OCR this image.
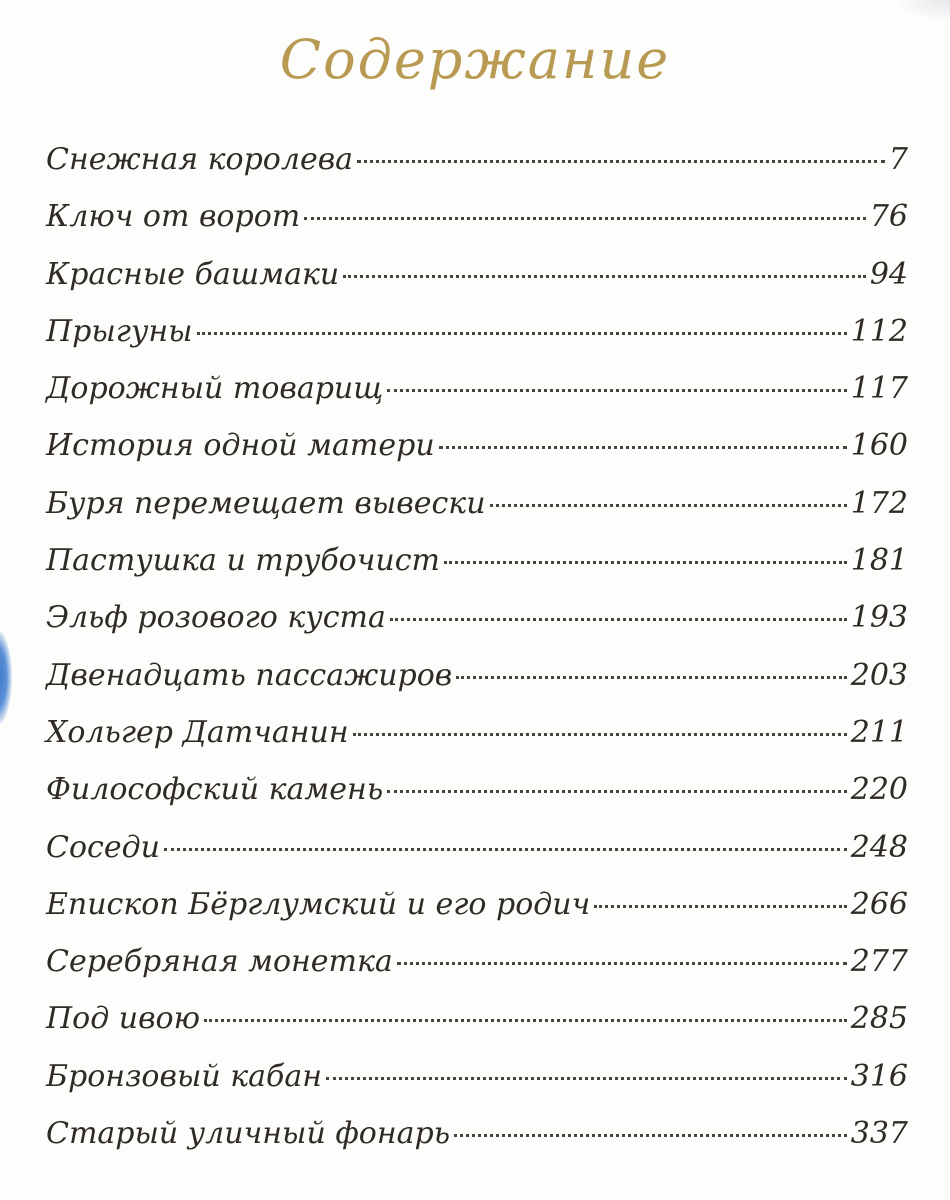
Содержание
Снежная королева	7
Ключ от ворот	76
Красные башмаки	94
Прыгуны	112
Дорожный товарищ	117
История одной матери	160
Буря перемещает вывески	172
Пастушка и трубочист	181
Эльф розового куста	193
Двенадцать пассажиров	203
Хольгер Датчанин	211
Философский камень	220
Соседи	248
Епископ Бёрглумский и его родич	266
Серебряная монетка	277
Под ивою	285
Бронзовый кабан	316
Старый уличный фонарь	337
